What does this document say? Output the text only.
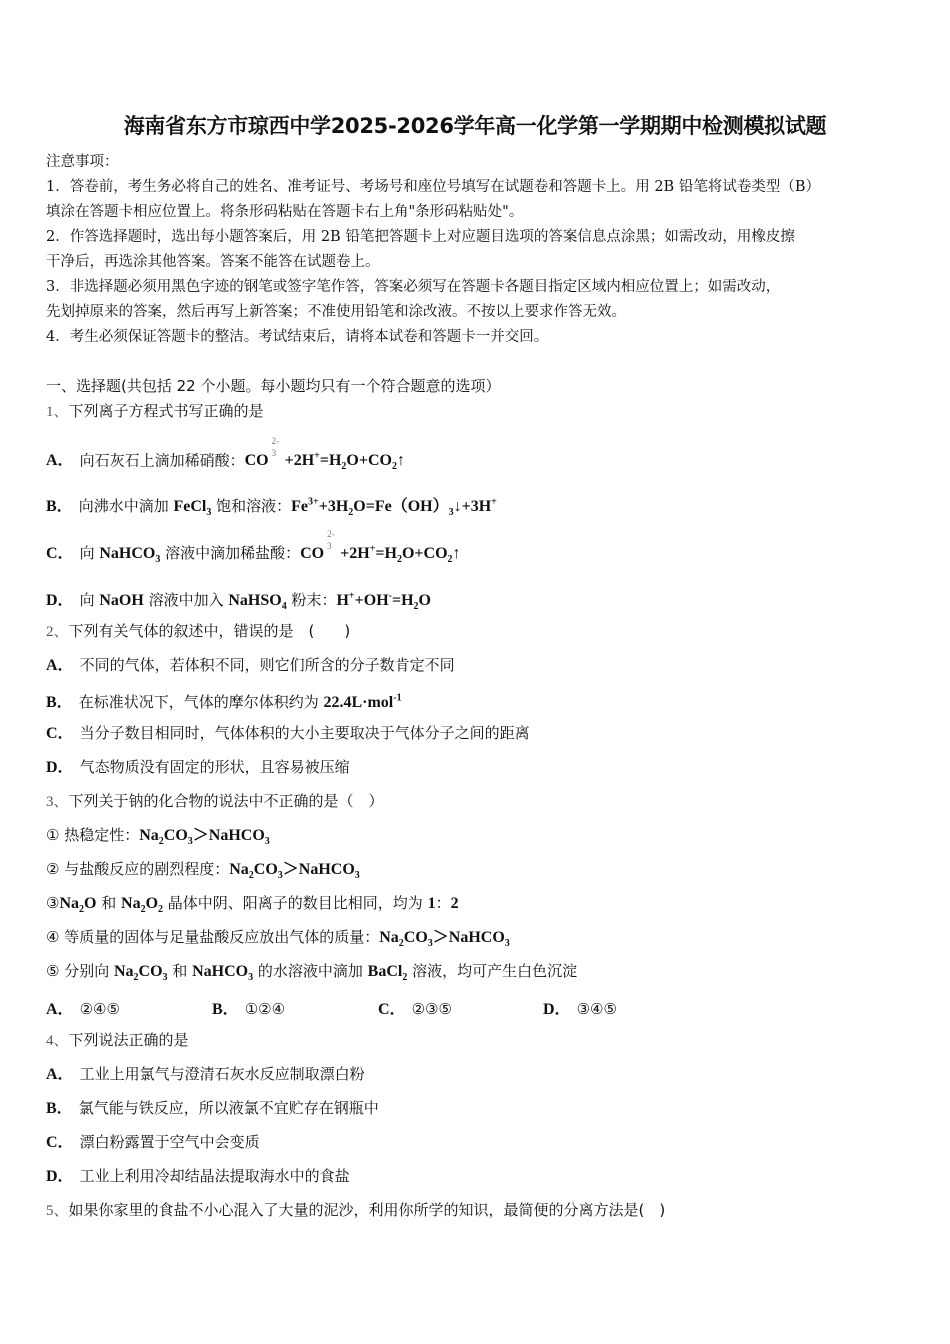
海南省东方市琼西中学2025-2026学年高一化学第一学期期中检测模拟试题
注意事项：
1．答卷前，考生务必将自己的姓名、准考证号、考场号和座位号填写在试题卷和答题卡上。用 2B 铅笔将试卷类型（B）
填涂在答题卡相应位置上。将条形码粘贴在答题卡右上角"条形码粘贴处"。
2．作答选择题时，选出每小题答案后，用 2B 铅笔把答题卡上对应题目选项的答案信息点涂黑；如需改动，用橡皮擦
干净后，再选涂其他答案。答案不能答在试题卷上。
3．非选择题必须用黑色字迹的钢笔或签字笔作答，答案必须写在答题卡各题目指定区域内相应位置上；如需改动，
先划掉原来的答案，然后再写上新答案；不准使用铅笔和涂改液。不按以上要求作答无效。
4．考生必须保证答题卡的整洁。考试结束后，请将本试卷和答题卡一并交回。
一、选择题(共包括 22 个小题。每小题均只有一个符合题意的选项）
1、下列离子方程式书写正确的是
A． 向石灰石上滴加稀硝酸：CO
2-
$3 +2H^+=H_2O+CO_2↑$
B． 向沸水中滴加 FeCl$_3$ 饱和溶液：$Fe^{3+}+3H_2O=Fe(OH)_3↓+3H^+$
C． 向 NaHCO$_3$ 溶液中滴加稀盐酸：CO
2-
$3 +2H^+=H_2O+CO_2↑$
D． 向 NaOH 溶液中加入 NaHSO$_4$ 粉末：$H^++OH^-=H_2O$
2、下列有关气体的叙述中，错误的是　(　　)
A． 不同的气体，若体积不同，则它们所含的分子数肯定不同
B． 在标准状况下，气体的摩尔体积约为 22.4L·mol$^{-1}$
C． 当分子数目相同时，气体体积的大小主要取决于气体分子之间的距离
D． 气态物质没有固定的形状，且容易被压缩
3、下列关于钠的化合物的说法中不正确的是（　）
① 热稳定性：$Na_2CO_3>NaHCO_3$
② 与盐酸反应的剧烈程度：$Na_2CO_3>NaHCO_3$
$③Na_2O$ 和 $Na_2O_2$ 晶体中阴、阳离子的数目比相同，均为 1：2
④ 等质量的固体与足量盐酸反应放出气体的质量：$Na_2CO_3>NaHCO_3$
⑤ 分别向 $Na_2CO_3$ 和 NaHCO$_3$ 的水溶液中滴加 BaCl$_2$ 溶液，均可产生白色沉淀
A． ②④⑤	B． ①②④	C． ②③⑤	D． ③④⑤
4、下列说法正确的是
A． 工业上用氯气与澄清石灰水反应制取漂白粉
B． 氯气能与铁反应，所以液氯不宜贮存在钢瓶中
C． 漂白粉露置于空气中会变质
D． 工业上利用冷却结晶法提取海水中的食盐
5、如果你家里的食盐不小心混入了大量的泥沙，利用你所学的知识，最简便的分离方法是(　)
